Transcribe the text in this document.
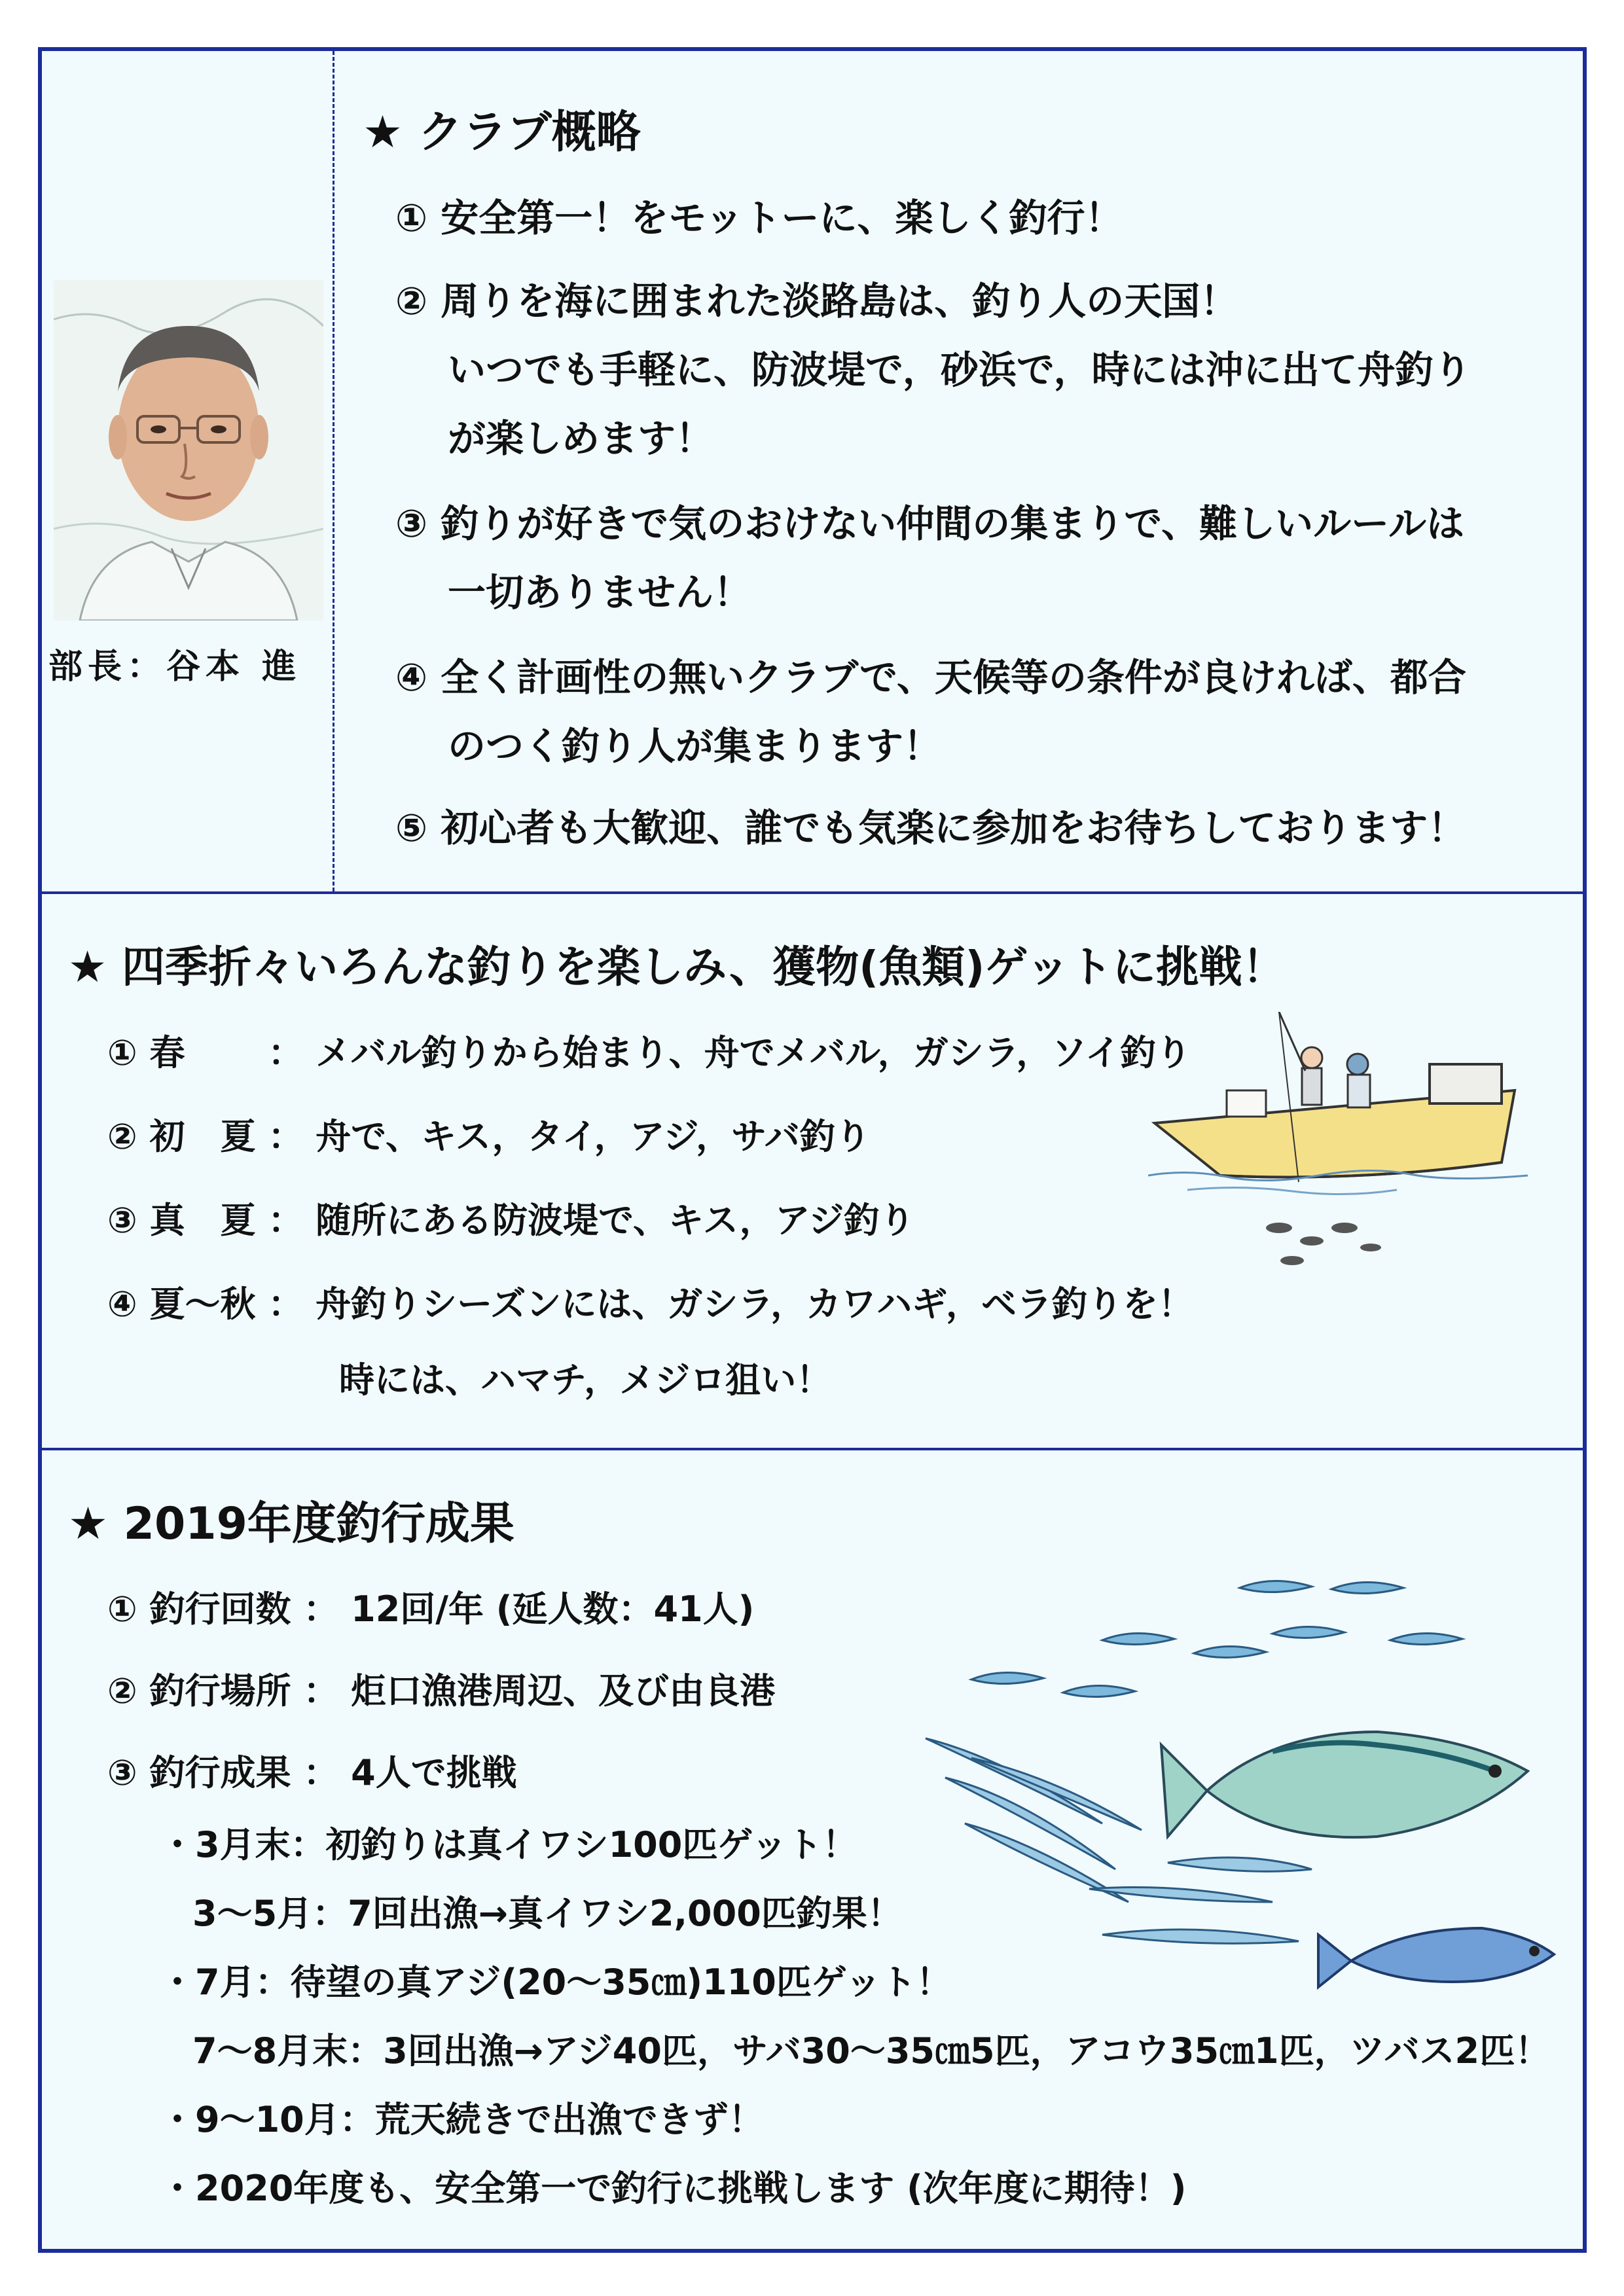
部長：谷本 進
★ クラブ概略
① 安全第一！をモットーに、楽しく釣行！
② 周りを海に囲まれた淡路島は、釣り人の天国！
いつでも手軽に、防波堤で，砂浜で，時には沖に出て舟釣り
が楽しめます！
③ 釣りが好きで気のおけない仲間の集まりで、難しいルールは
一切ありません！
④ 全く計画性の無いクラブで、天候等の条件が良ければ、都合
のつく釣り人が集まります！
⑤ 初心者も大歓迎、誰でも気楽に参加をお待ちしております！
★ 四季折々いろんな釣りを楽しみ、獲物(魚類)ゲットに挑戦！
① 春　　 ： メバル釣りから始まり、舟でメバル，ガシラ，ソイ釣り
② 初　夏 ： 舟で、キス，タイ，アジ，サバ釣り
③ 真　夏 ： 随所にある防波堤で、キス，アジ釣り
④ 夏～秋 ： 舟釣りシーズンには、ガシラ，カワハギ，ベラ釣りを！
時には、ハマチ，メジロ狙い！
★ 2019年度釣行成果
① 釣行回数 ： 12回/年 (延人数：41人)
② 釣行場所 ： 炬口漁港周辺、及び由良港
③ 釣行成果 ： 4人で挑戦
・3月末：初釣りは真イワシ100匹ゲット！
3～5月：7回出漁→真イワシ2,000匹釣果！
・7月：待望の真アジ(20～35㎝)110匹ゲット！
7～8月末：3回出漁→アジ40匹，サバ30～35㎝5匹，アコウ35㎝1匹，ツバス2匹！
・9～10月：荒天続きで出漁できず！
・2020年度も、安全第一で釣行に挑戦します (次年度に期待！)
